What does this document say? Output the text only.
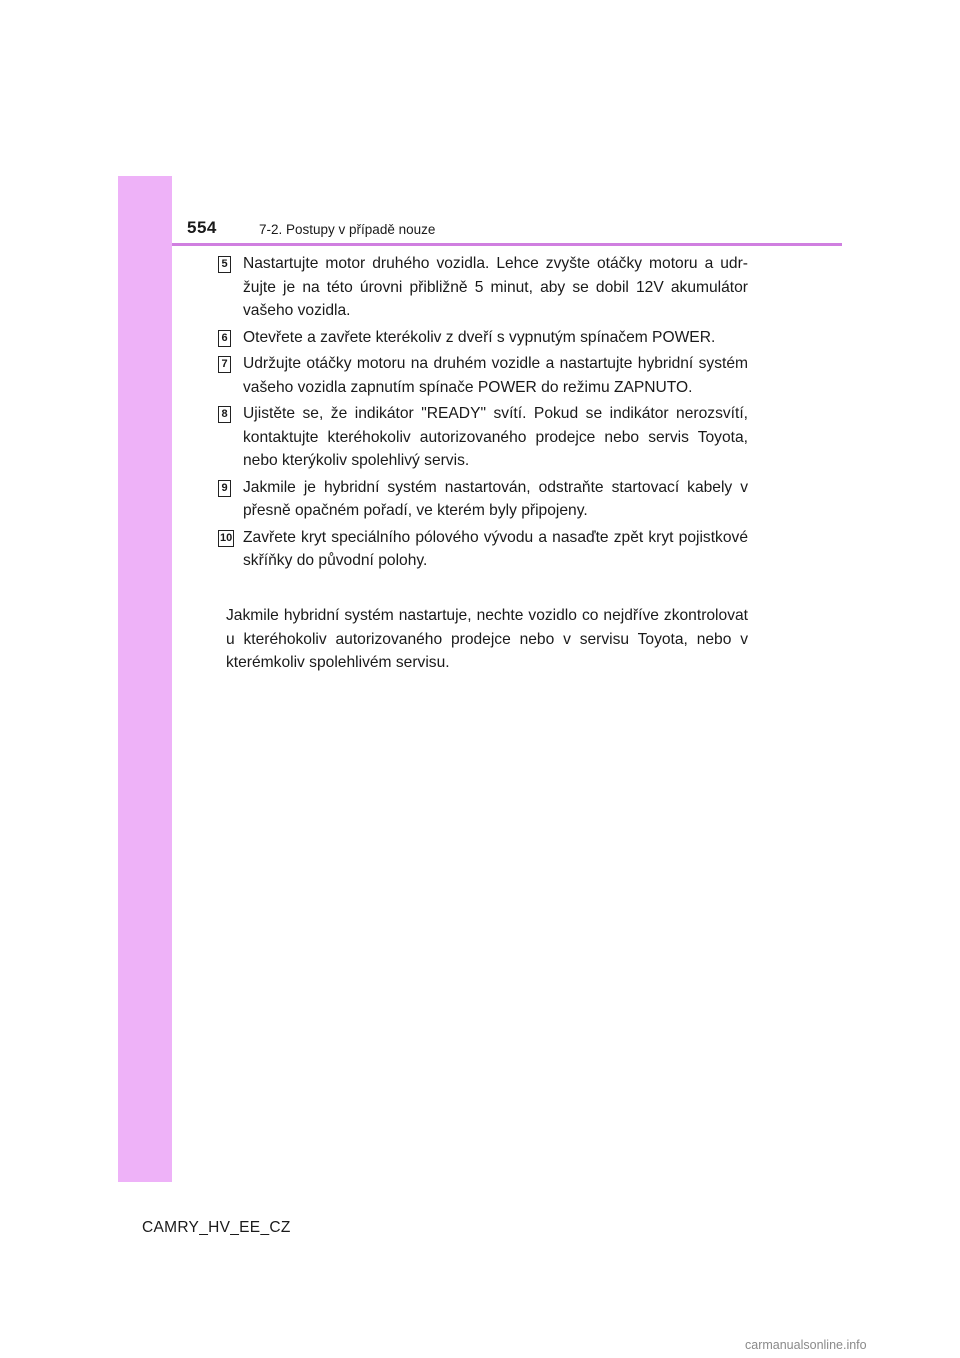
554	7-2. Postupy v případě nouze
5 Nastartujte motor druhého vozidla. Lehce zvyšte otáčky motoru a udržujte je na této úrovni přibližně 5 minut, aby se dobil 12V akumulátor vašeho vozidla.
6 Otevřete a zavřete kterékoliv z dveří s vypnutým spínačem POWER.
7 Udržujte otáčky motoru na druhém vozidle a nastartujte hybridní systém vašeho vozidla zapnutím spínače POWER do režimu ZAPNUTO.
8 Ujistěte se, že indikátor "READY" svítí. Pokud se indikátor nerozsvítí, kontaktujte kteréhokoliv autorizovaného prodejce nebo servis Toyota, nebo kterýkoliv spolehlivý servis.
9 Jakmile je hybridní systém nastartován, odstraňte startovací kabely v přesně opačném pořadí, ve kterém byly připojeny.
10 Zavřete kryt speciálního pólového vývodu a nasaďte zpět kryt pojistkové skříňky do původní polohy.
Jakmile hybridní systém nastartuje, nechte vozidlo co nejdříve zkontrolovat u kteréhokoliv autorizovaného prodejce nebo v servisu Toyota, nebo v kterémkoliv spolehlivém servisu.
CAMRY_HV_EE_CZ
carmanualsonline.info
